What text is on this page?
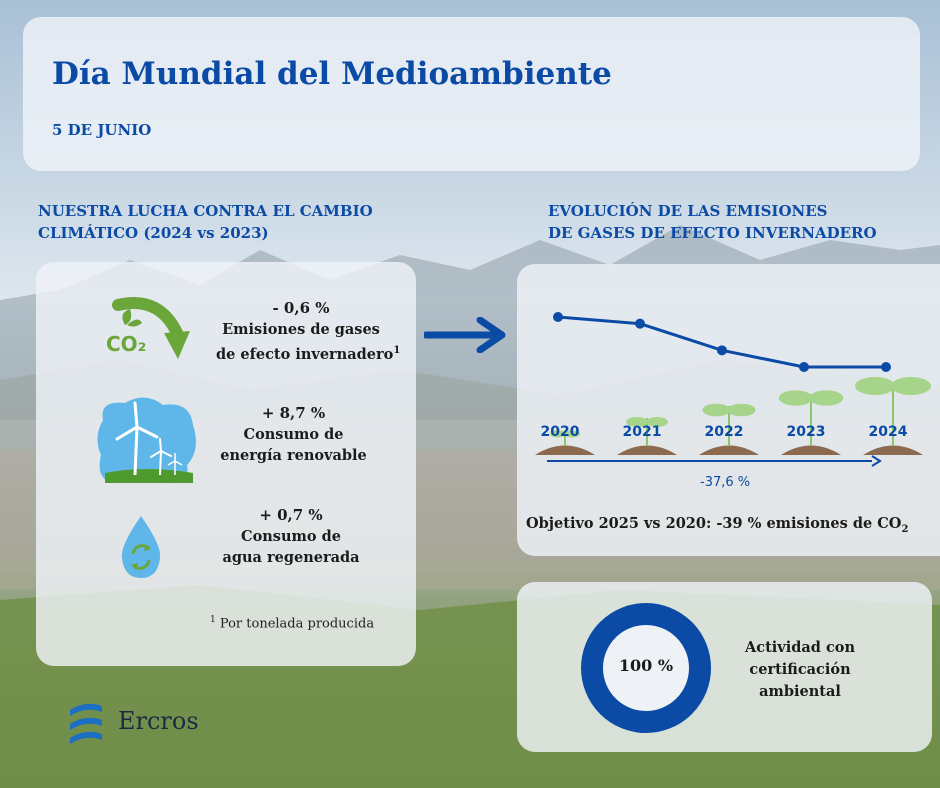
Día Mundial del Medioambiente
5 DE JUNIO
NUESTRA LUCHA CONTRA EL CAMBIO
CLIMÁTICO (2024 vs 2023)
EVOLUCIÓN DE LAS EMISIONES
DE GASES DE EFECTO INVERNADERO
CO₂
- 0,6 %
Emisiones de gases
de efecto invernadero$^1$
+ 8,7 %
Consumo de
energía renovable
+ 0,7 %
Consumo de
agua regenerada
$^1$ Por tonelada producida
2020	2021	2022	2023	2024
-37,6 %
Objetivo 2025 vs 2020: -39 % emisiones de $CO_2$
100 %
Actividad con
certificación
ambiental
Ercros
